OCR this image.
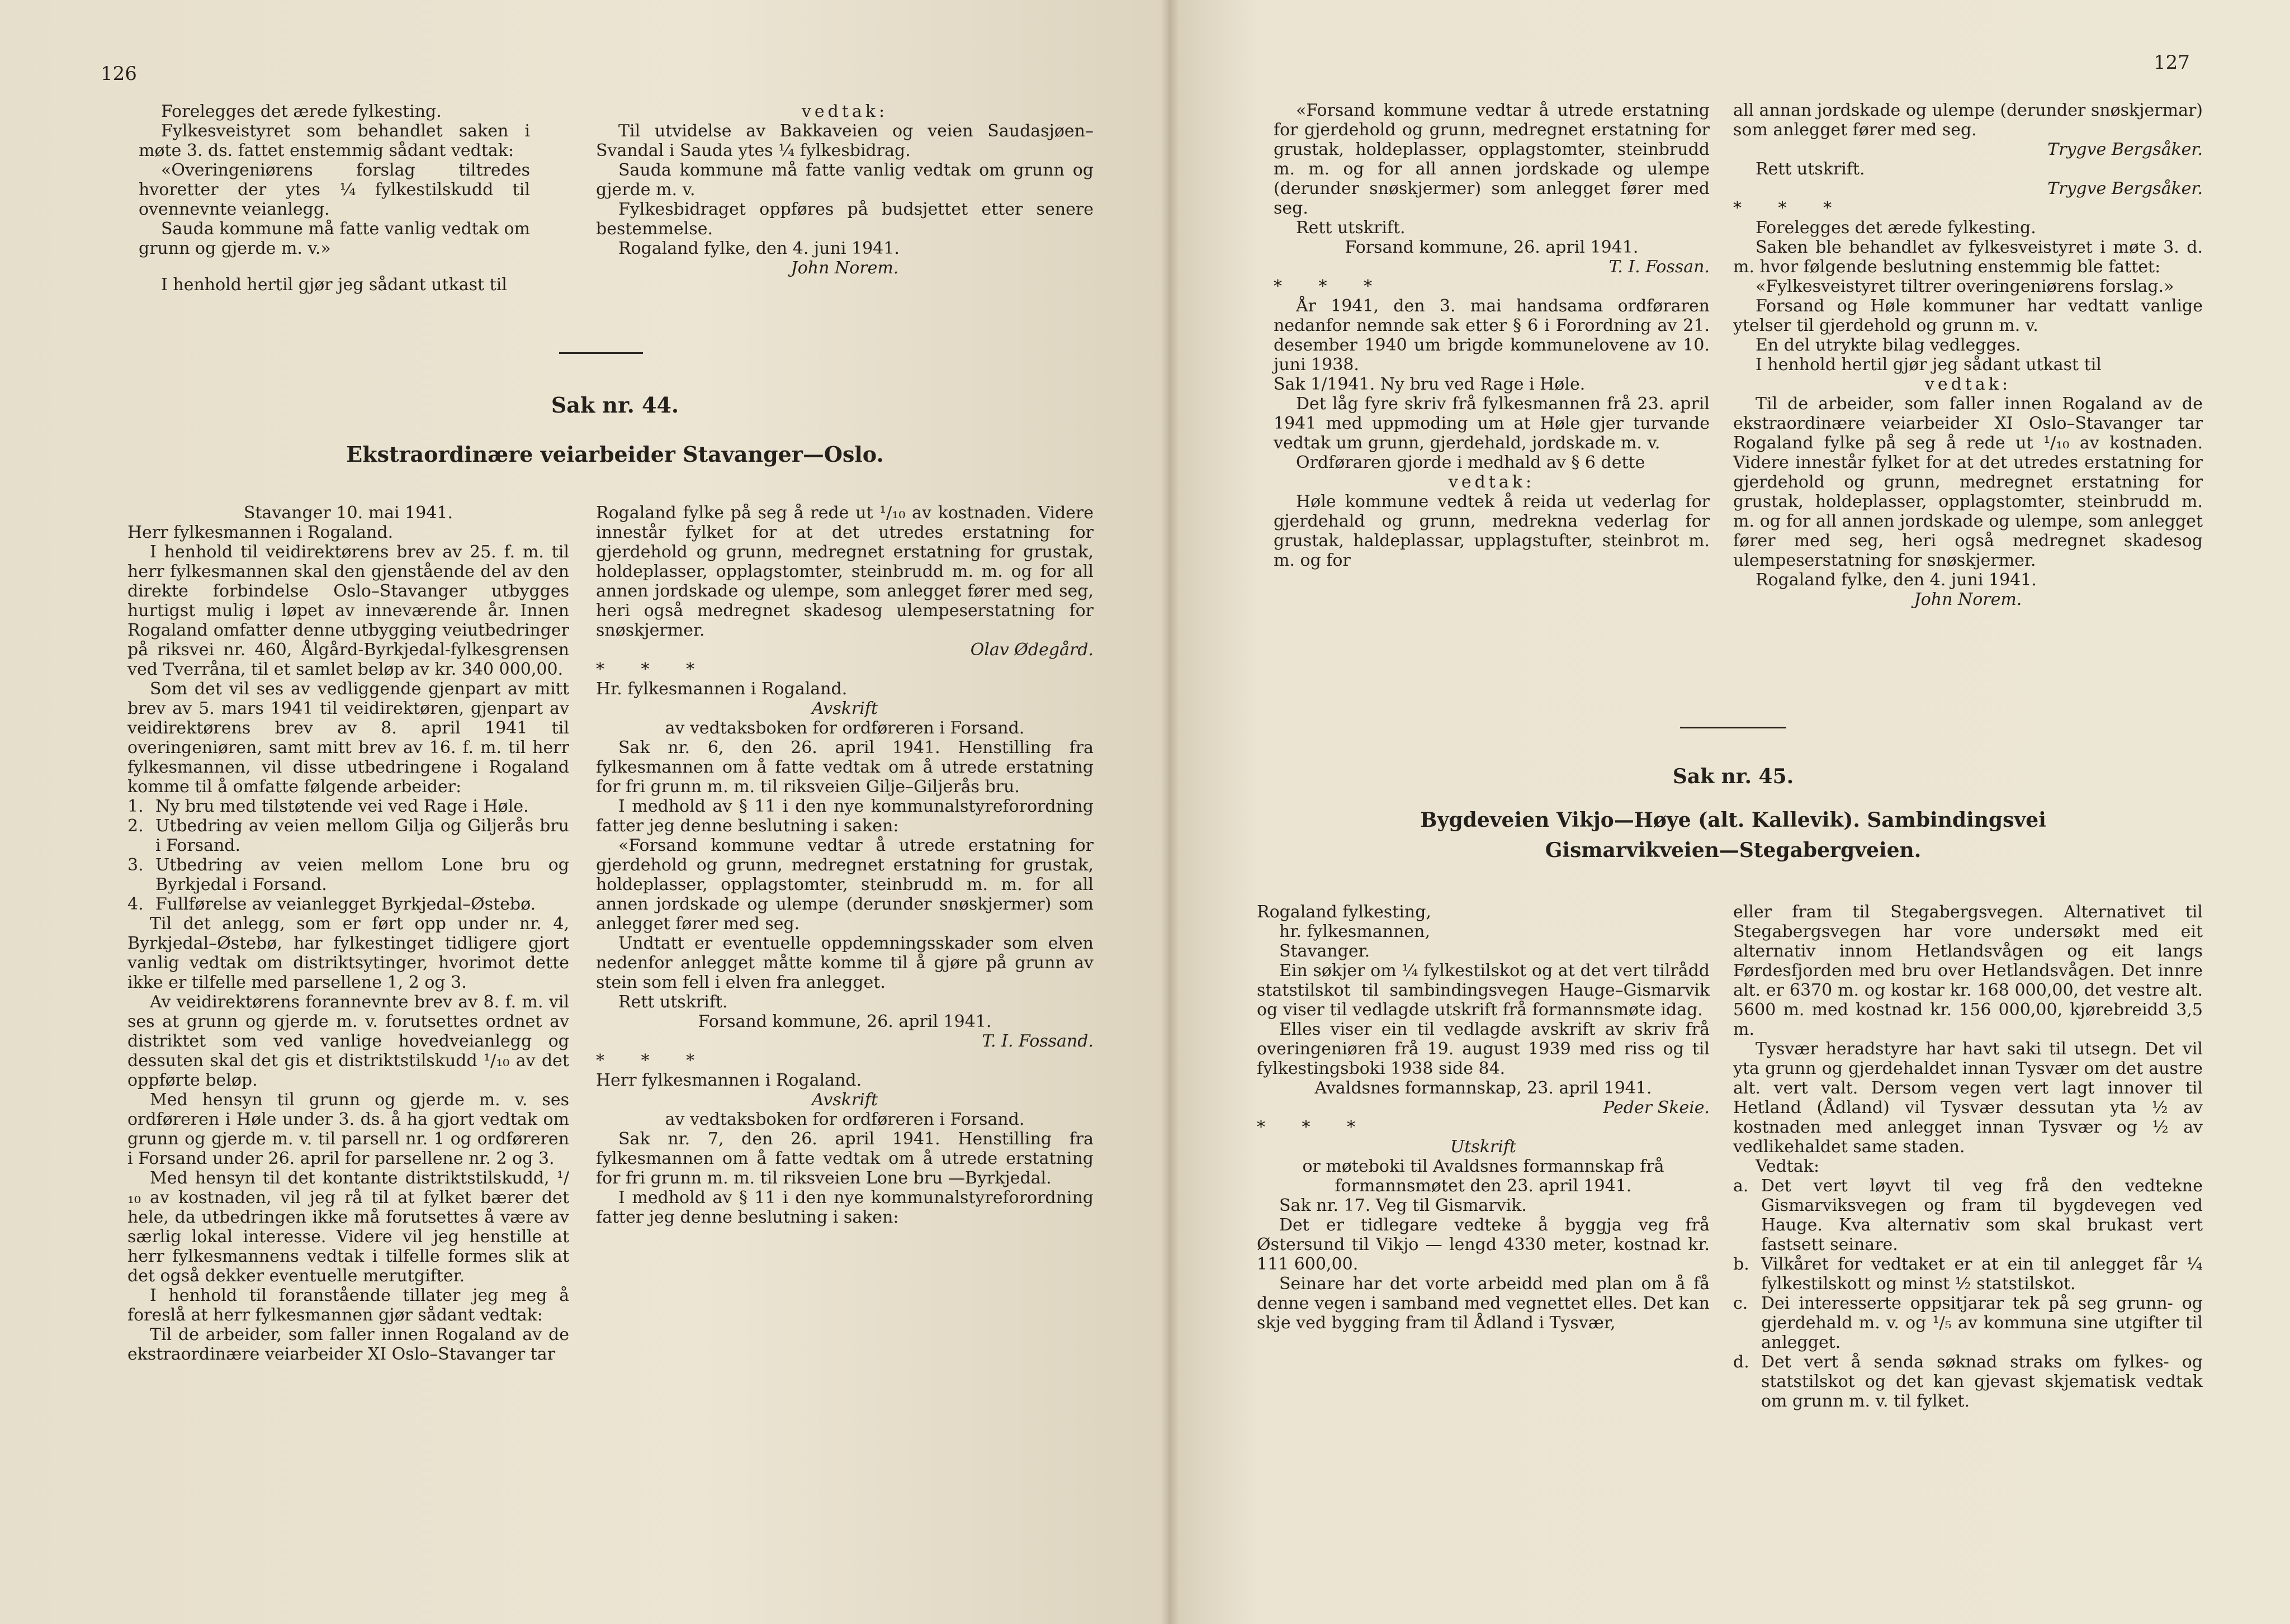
126

Forelegges det ærede fylkesting.

Fylkesveistyret som behandlet saken i møte 3. ds. fattet enstemmig sådant vedtak:

«Overingeniørens forslag tiltredes hvoretter der ytes ¼ fylkestilskudd til ovennevnte veianlegg.

Sauda kommune må fatte vanlig vedtak om grunn og gjerde m. v.»

I henhold hertil gjør jeg sådant utkast til

vedtak:

Til utvidelse av Bakkaveien og veien Saudasjøen–Svandal i Sauda ytes ¼ fylkesbidrag.

Sauda kommune må fatte vanlig vedtak om grunn og gjerde m. v.

Fylkesbidraget oppføres på budsjettet etter senere bestemmelse.

Rogaland fylke, den 4. juni 1941.

John Norem.

Sak nr. 44.
Ekstraordinære veiarbeider Stavanger—Oslo.

Stavanger 10. mai 1941.

Herr fylkesmannen i Rogaland.

I henhold til veidirektørens brev av 25. f. m. til herr fylkesmannen skal den gjenstående del av den direkte forbindelse Oslo–Stavanger utbygges hurtigst mulig i løpet av inneværende år. Innen Rogaland omfatter denne utbygging veiutbedringer på riksvei nr. 460, Ålgård-Byrkjedal-fylkesgrensen ved Tverråna, til et samlet beløp av kr. 340 000,00.

Som det vil ses av vedliggende gjenpart av mitt brev av 5. mars 1941 til veidirektøren, gjenpart av veidirektørens brev av 8. april 1941 til overingeniøren, samt mitt brev av 16. f. m. til herr fylkesmannen, vil disse utbedringene i Rogaland komme til å omfatte følgende arbeider:

1. Ny bru med tilstøtende vei ved Rage i Høle.

2. Utbedring av veien mellom Gilja og Giljerås bru i Forsand.

3. Utbedring av veien mellom Lone bru og Byrkjedal i Forsand.

4. Fullførelse av veianlegget Byrkjedal–Østebø.

Til det anlegg, som er ført opp under nr. 4, Byrkjedal–Østebø, har fylkestinget tidligere gjort vanlig vedtak om distriktsytinger, hvorimot dette ikke er tilfelle med parsellene 1, 2 og 3.

Av veidirektørens forannevnte brev av 8. f. m. vil ses at grunn og gjerde m. v. forutsettes ordnet av distriktet som ved vanlige hovedveianlegg og dessuten skal det gis et distriktstilskudd ¹/₁₀ av det oppførte beløp.

Med hensyn til grunn og gjerde m. v. ses ordføreren i Høle under 3. ds. å ha gjort vedtak om grunn og gjerde m. v. til parsell nr. 1 og ordføreren i Forsand under 26. april for parsellene nr. 2 og 3.

Med hensyn til det kontante distriktstilskudd, ¹/₁₀ av kostnaden, vil jeg rå til at fylket bærer det hele, da utbedringen ikke må forutsettes å være av særlig lokal interesse. Videre vil jeg henstille at herr fylkesmannens vedtak i tilfelle formes slik at det også dekker eventuelle merutgifter.

I henhold til foranstående tillater jeg meg å foreslå at herr fylkesmannen gjør sådant vedtak:

Til de arbeider, som faller innen Rogaland av de ekstraordinære veiarbeider XI Oslo–Stavanger tar

Rogaland fylke på seg å rede ut ¹/₁₀ av kostnaden. Videre innestår fylket for at det utredes erstatning for gjerdehold og grunn, medregnet erstatning for grustak, holdeplasser, opplagstomter, steinbrudd m. m. og for all annen jordskade og ulempe, som anlegget fører med seg, heri også medregnet skadesog ulempeserstatning for snøskjermer.

Olav Ødegård.

* * *

Hr. fylkesmannen i Rogaland.

Avskrift

av vedtaksboken for ordføreren i Forsand.

Sak nr. 6, den 26. april 1941. Henstilling fra fylkesmannen om å fatte vedtak om å utrede erstatning for fri grunn m. m. til riksveien Gilje–Giljerås bru.

I medhold av § 11 i den nye kommunalstyreforordning fatter jeg denne beslutning i saken:

«Forsand kommune vedtar å utrede erstatning for gjerdehold og grunn, medregnet erstatning for grustak, holdeplasser, opplagstomter, steinbrudd m. m. for all annen jordskade og ulempe (derunder snøskjermer) som anlegget fører med seg.

Undtatt er eventuelle oppdemningsskader som elven nedenfor anlegget måtte komme til å gjøre på grunn av stein som fell i elven fra anlegget.

Rett utskrift.

Forsand kommune, 26. april 1941.

T. I. Fossand.

* * *

Herr fylkesmannen i Rogaland.

Avskrift

av vedtaksboken for ordføreren i Forsand.

Sak nr. 7, den 26. april 1941. Henstilling fra fylkesmannen om å fatte vedtak om å utrede erstatning for fri grunn m. m. til riksveien Lone bru —Byrkjedal.

I medhold av § 11 i den nye kommunalstyreforordning fatter jeg denne beslutning i saken:

127

«Forsand kommune vedtar å utrede erstatning for gjerdehold og grunn, medregnet erstatning for grustak, holdeplasser, opplagstomter, steinbrudd m. m. og for all annen jordskade og ulempe (derunder snøskjermer) som anlegget fører med seg.

Rett utskrift.

Forsand kommune, 26. april 1941.

T. I. Fossan.

* * *

År 1941, den 3. mai handsama ordføraren nedanfor nemnde sak etter § 6 i Forordning av 21. desember 1940 um brigde kommunelovene av 10. juni 1938.

Sak 1/1941. Ny bru ved Rage i Høle.

Det låg fyre skriv frå fylkesmannen frå 23. april 1941 med uppmoding um at Høle gjer turvande vedtak um grunn, gjerdehald, jordskade m. v.

Ordføraren gjorde i medhald av § 6 dette

vedtak:

Høle kommune vedtek å reida ut vederlag for gjerdehald og grunn, medrekna vederlag for grustak, haldeplassar, upplagstufter, steinbrot m. m. og for

all annan jordskade og ulempe (derunder snøskjermar) som anlegget fører med seg.

Trygve Bergsåker.

Rett utskrift.

Trygve Bergsåker.

* * *

Forelegges det ærede fylkesting.

Saken ble behandlet av fylkesveistyret i møte 3. d. m. hvor følgende beslutning enstemmig ble fattet:

«Fylkesveistyret tiltrer overingeniørens forslag.»

Forsand og Høle kommuner har vedtatt vanlige ytelser til gjerdehold og grunn m. v.

En del utrykte bilag vedlegges.

I henhold hertil gjør jeg sådant utkast til

vedtak:

Til de arbeider, som faller innen Rogaland av de ekstraordinære veiarbeider XI Oslo–Stavanger tar Rogaland fylke på seg å rede ut ¹/₁₀ av kostnaden. Videre innestår fylket for at det utredes erstatning for gjerdehold og grunn, medregnet erstatning for grustak, holdeplasser, opplagstomter, steinbrudd m. m. og for all annen jordskade og ulempe, som anlegget fører med seg, heri også medregnet skadesog ulempeserstatning for snøskjermer.

Rogaland fylke, den 4. juni 1941.

John Norem.

Sak nr. 45.
Bygdeveien Vikjo—Høye (alt. Kallevik). Sambindingsvei
Gismarvikveien—Stegabergveien.

Rogaland fylkesting,

hr. fylkesmannen,

Stavanger.

Ein søkjer om ¼ fylkestilskot og at det vert tilrådd statstilskot til sambindingsvegen Hauge–Gismarvik og viser til vedlagde utskrift frå formannsmøte idag.

Elles viser ein til vedlagde avskrift av skriv frå overingeniøren frå 19. august 1939 med riss og til fylkestingsboki 1938 side 84.

Avaldsnes formannskap, 23. april 1941.

Peder Skeie.

* * *

Utskrift

or møteboki til Avaldsnes formannskap frå formannsmøtet den 23. april 1941.

Sak nr. 17. Veg til Gismarvik.

Det er tidlegare vedteke å byggja veg frå Østersund til Vikjo — lengd 4330 meter, kostnad kr. 111 600,00.

Seinare har det vorte arbeidd med plan om å få denne vegen i samband med vegnettet elles. Det kan skje ved bygging fram til Ådland i Tysvær,

eller fram til Stegabergsvegen. Alternativet til Stegabergsvegen har vore undersøkt med eit alternativ innom Hetlandsvågen og eit langs Førdesfjorden med bru over Hetlandsvågen. Det innre alt. er 6370 m. og kostar kr. 168 000,00, det vestre alt. 5600 m. med kostnad kr. 156 000,00, kjørebreidd 3,5 m.

Tysvær heradstyre har havt saki til utsegn. Det vil yta grunn og gjerdehaldet innan Tysvær om det austre alt. vert valt. Dersom vegen vert lagt innover til Hetland (Ådland) vil Tysvær dessutan yta ½ av kostnaden med anlegget innan Tysvær og ½ av vedlikehaldet same staden.

Vedtak:

a. Det vert løyvt til veg frå den vedtekne Gismarviksvegen og fram til bygdevegen ved Hauge. Kva alternativ som skal brukast vert fastsett seinare.

b. Vilkåret for vedtaket er at ein til anlegget får ¼ fylkestilskott og minst ½ statstilskot.

c. Dei interesserte oppsitjarar tek på seg grunn- og gjerdehald m. v. og ¹/₅ av kommuna sine utgifter til anlegget.

d. Det vert å senda søknad straks om fylkes- og statstilskot og det kan gjevast skjematisk vedtak om grunn m. v. til fylket.
